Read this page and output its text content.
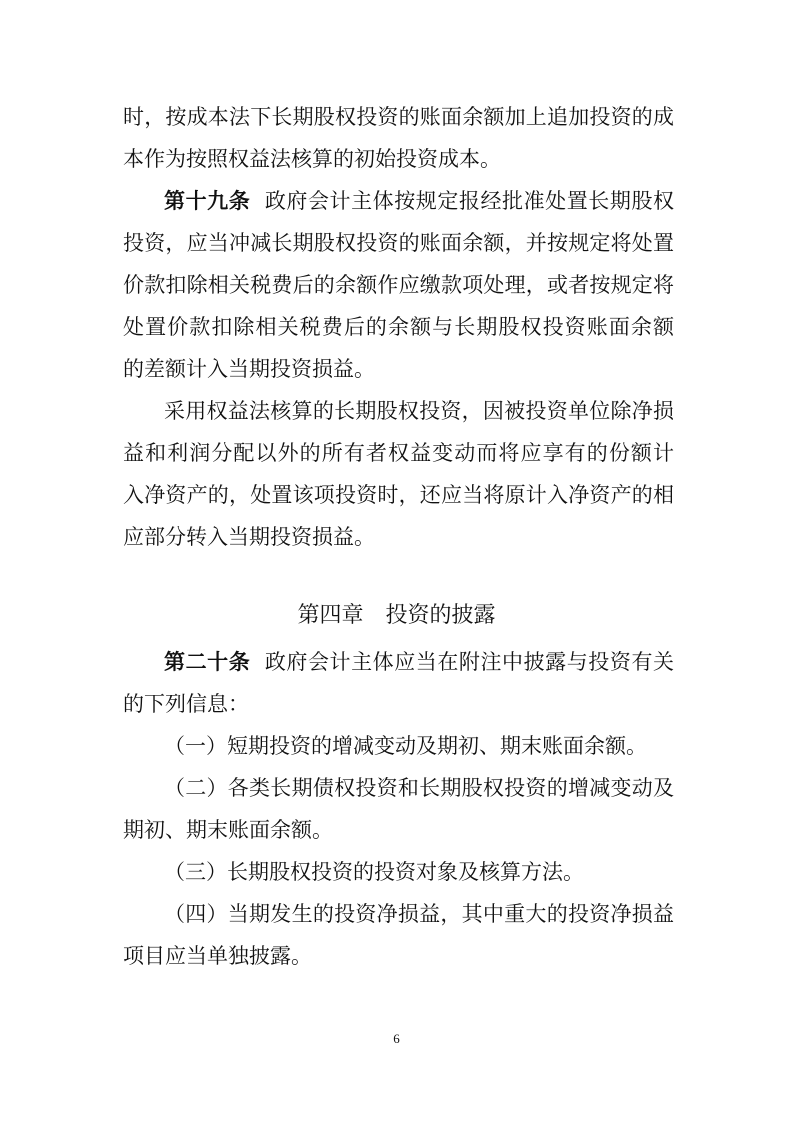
时，按成本法下长期股权投资的账面余额加上追加投资的成
本作为按照权益法核算的初始投资成本。
第十九条 政府会计主体按规定报经批准处置长期股权
投资，应当冲减长期股权投资的账面余额，并按规定将处置
价款扣除相关税费后的余额作应缴款项处理，或者按规定将
处置价款扣除相关税费后的余额与长期股权投资账面余额
的差额计入当期投资损益。
采用权益法核算的长期股权投资，因被投资单位除净损
益和利润分配以外的所有者权益变动而将应享有的份额计
入净资产的，处置该项投资时，还应当将原计入净资产的相
应部分转入当期投资损益。
第四章　投资的披露
第二十条 政府会计主体应当在附注中披露与投资有关
的下列信息：
（一）短期投资的增减变动及期初、期末账面余额。
（二）各类长期债权投资和长期股权投资的增减变动及
期初、期末账面余额。
（三）长期股权投资的投资对象及核算方法。
（四）当期发生的投资净损益，其中重大的投资净损益
项目应当单独披露。
6
